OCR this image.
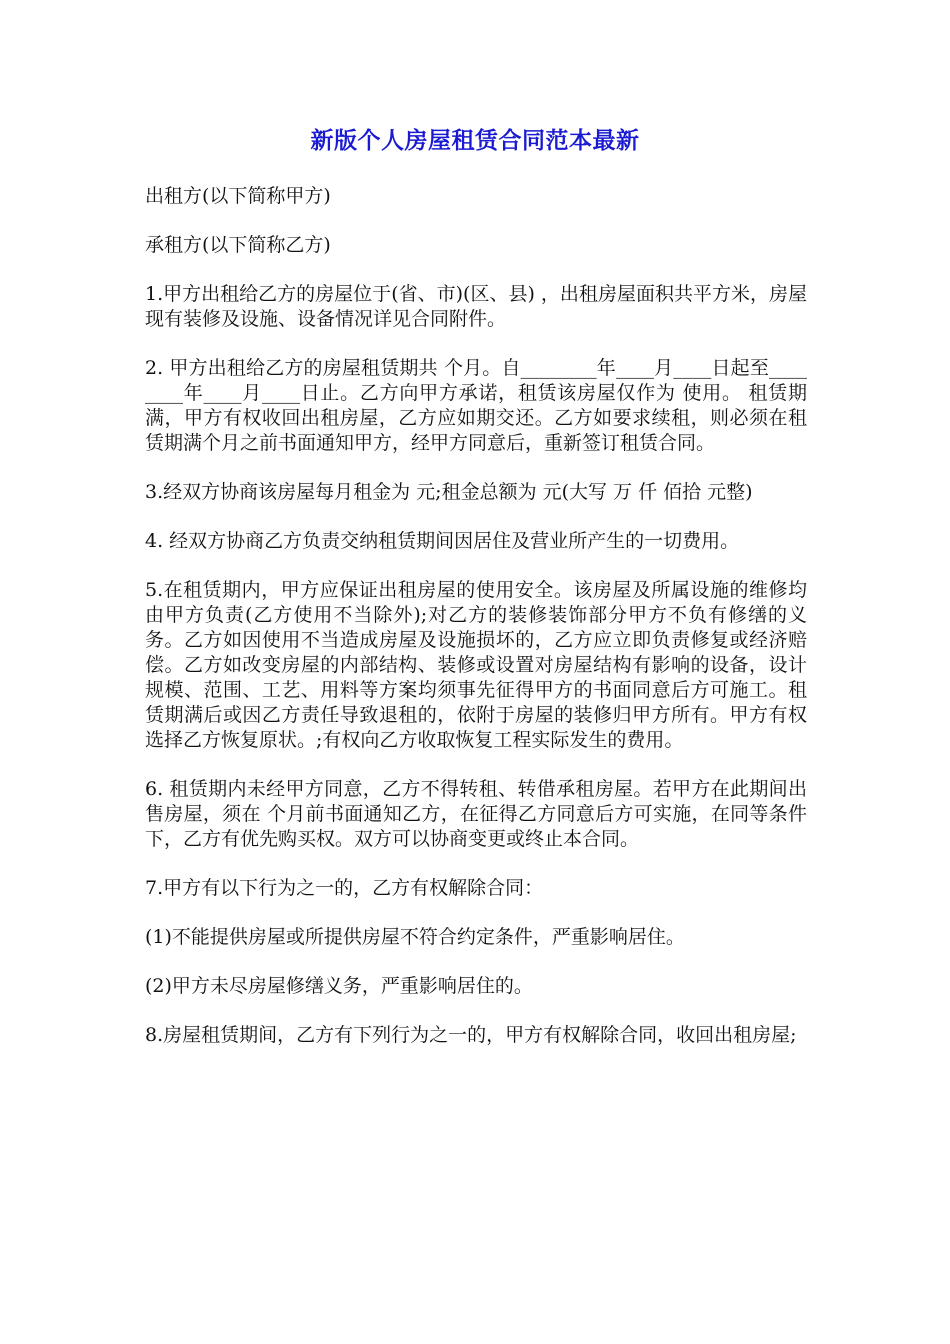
新版个人房屋租赁合同范本最新

出租方(以下简称甲方)

承租方(以下简称乙方)

1.甲方出租给乙方的房屋位于(省、市)(区、县) ，出租房屋面积共平方米，房屋现有装修及设施、设备情况详见合同附件。

2. 甲方出租给乙方的房屋租赁期共 个月。自________年____月____日起至________年____月____日止。乙方向甲方承诺，租赁该房屋仅作为 使用。 租赁期满，甲方有权收回出租房屋，乙方应如期交还。乙方如要求续租，则必须在租赁期满个月之前书面通知甲方，经甲方同意后，重新签订租赁合同。

3.经双方协商该房屋每月租金为 元;租金总额为 元(大写 万 仟 佰拾 元整)

4. 经双方协商乙方负责交纳租赁期间因居住及营业所产生的一切费用。

5.在租赁期内，甲方应保证出租房屋的使用安全。该房屋及所属设施的维修均由甲方负责(乙方使用不当除外);对乙方的装修装饰部分甲方不负有修缮的义务。乙方如因使用不当造成房屋及设施损坏的，乙方应立即负责修复或经济赔偿。乙方如改变房屋的内部结构、装修或设置对房屋结构有影响的设备，设计规模、范围、工艺、用料等方案均须事先征得甲方的书面同意后方可施工。租赁期满后或因乙方责任导致退租的，依附于房屋的装修归甲方所有。甲方有权选择乙方恢复原状。;有权向乙方收取恢复工程实际发生的费用。

6. 租赁期内未经甲方同意，乙方不得转租、转借承租房屋。若甲方在此期间出售房屋，须在 个月前书面通知乙方，在征得乙方同意后方可实施，在同等条件下，乙方有优先购买权。双方可以协商变更或终止本合同。

7.甲方有以下行为之一的，乙方有权解除合同：

(1)不能提供房屋或所提供房屋不符合约定条件，严重影响居住。

(2)甲方未尽房屋修缮义务，严重影响居住的。

8.房屋租赁期间，乙方有下列行为之一的，甲方有权解除合同，收回出租房屋;
